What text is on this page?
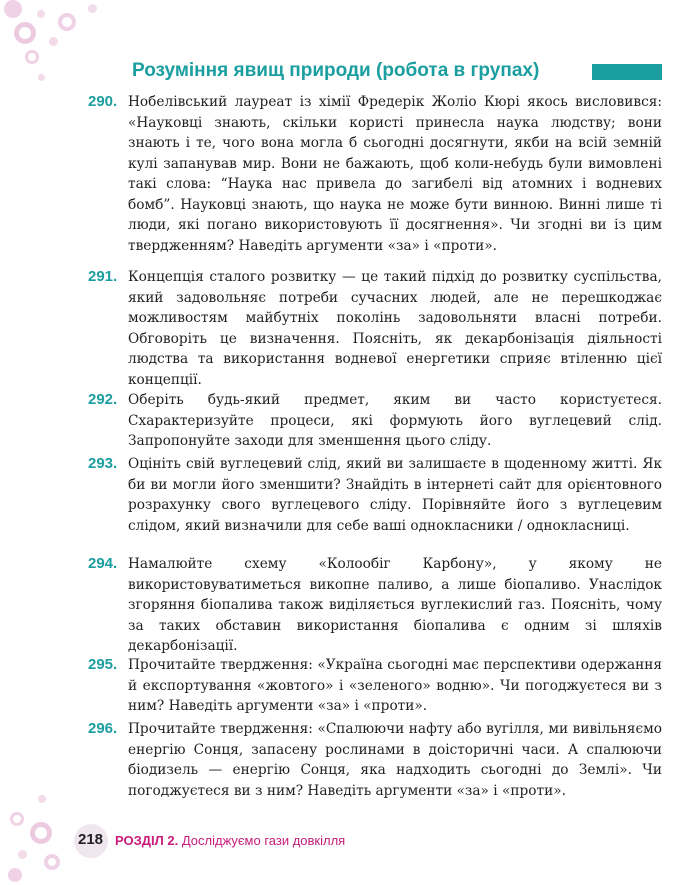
Розуміння явищ природи (робота в групах)
290. Нобелівський лауреат із хімії Фредерік Жоліо Кюрі якось висловився: «Науковці знають, скільки користі принесла наука людству; вони знають і те, чого вона могла б сьогодні досягнути, якби на всій земній кулі запанував мир. Вони не бажають, щоб коли-небудь були вимовлені такі слова: “Наука нас привела до загибелі від атомних і водневих бомб”. Науковці знають, що наука не може бути винною. Винні лише ті люди, які погано використовують її досягнення». Чи згодні ви із цим твердженням? Наведіть аргументи «за» і «проти».
291. Концепція сталого розвитку — це такий підхід до розвитку суспільства, який задовольняє потреби сучасних людей, але не перешкоджає можливостям майбутніх поколінь задовольняти власні потреби. Обговоріть це визначення. Поясніть, як декарбонізація діяльності людства та використання водневої енергетики сприяє втіленню цієї концепції.
292. Оберіть будь-який предмет, яким ви часто користуєтеся. Схарактеризуйте процеси, які формують його вуглецевий слід. Запропонуйте заходи для зменшення цього сліду.
293. Оцініть свій вуглецевий слід, який ви залишаєте в щоденному житті. Як би ви могли його зменшити? Знайдіть в інтернеті сайт для орієнтовного розрахунку свого вуглецевого сліду. Порівняйте його з вуглецевим слідом, який визначили для себе ваші однокласники / однокласниці.
294. Намалюйте схему «Колообіг Карбону», у якому не використовуватиметься викопне паливо, а лише біопаливо. Унаслідок згоряння біопалива також виділяється вуглекислий газ. Поясніть, чому за таких обставин використання біопалива є одним зі шляхів декарбонізації.
295. Прочитайте твердження: «Україна сьогодні має перспективи одержання й експортування «жовтого» і «зеленого» водню». Чи погоджуєтеся ви з ним? Наведіть аргументи «за» і «проти».
296. Прочитайте твердження: «Спалюючи нафту або вугілля, ми вивільняємо енергію Сонця, запасену рослинами в доісторичні часи. А спалюючи біодизель — енергію Сонця, яка надходить сьогодні до Землі». Чи погоджуєтеся ви з ним? Наведіть аргументи «за» і «проти».
218 РОЗДІЛ 2. Досліджуємо гази довкілля
